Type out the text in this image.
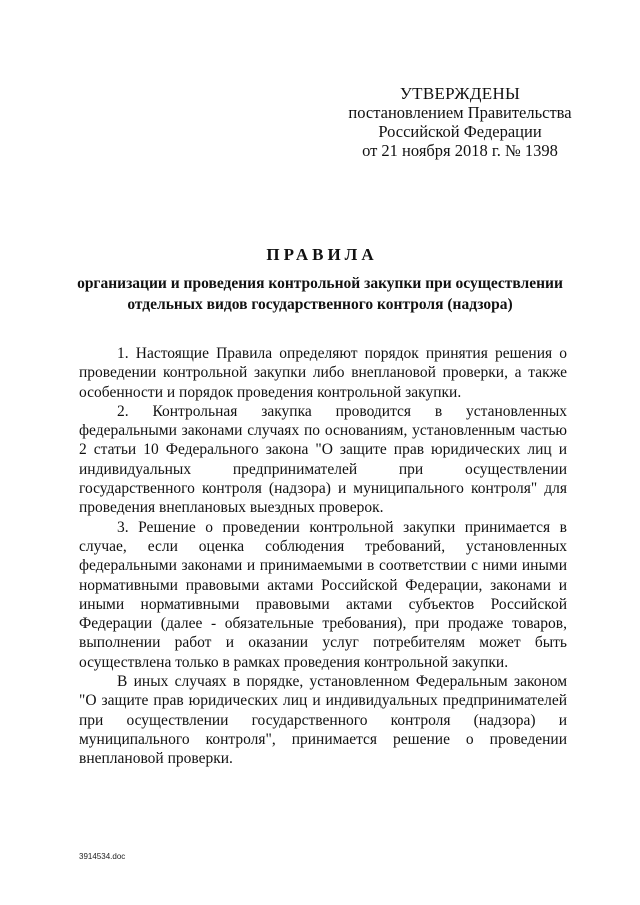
УТВЕРЖДЕНЫ
постановлением Правительства
Российской Федерации
от 21 ноября 2018 г. № 1398
ПРАВИЛА
организации и проведения контрольной закупки при осуществлении
отдельных видов государственного контроля (надзора)

1. Настоящие Правила определяют порядок принятия решения о проведении контрольной закупки либо внеплановой проверки, а также особенности и порядок проведения контрольной закупки.

2. Контрольная закупка проводится в установленных федеральными законами случаях по основаниям, установленным частью 2 статьи 10 Федерального закона "О защите прав юридических лиц и индивидуальных предпринимателей при осуществлении государственного контроля (надзора) и муниципального контроля" для проведения внеплановых выездных проверок.

3. Решение о проведении контрольной закупки принимается в случае, если оценка соблюдения требований, установленных федеральными законами и принимаемыми в соответствии с ними иными нормативными правовыми актами Российской Федерации, законами и иными нормативными правовыми актами субъектов Российской Федерации (далее - обязательные требования), при продаже товаров, выполнении работ и оказании услуг потребителям может быть осуществлена только в рамках проведения контрольной закупки.

В иных случаях в порядке, установленном Федеральным законом "О защите прав юридических лиц и индивидуальных предпринимателей при осуществлении государственного контроля (надзора) и муниципального контроля", принимается решение о проведении внеплановой проверки.

3914534.doc
